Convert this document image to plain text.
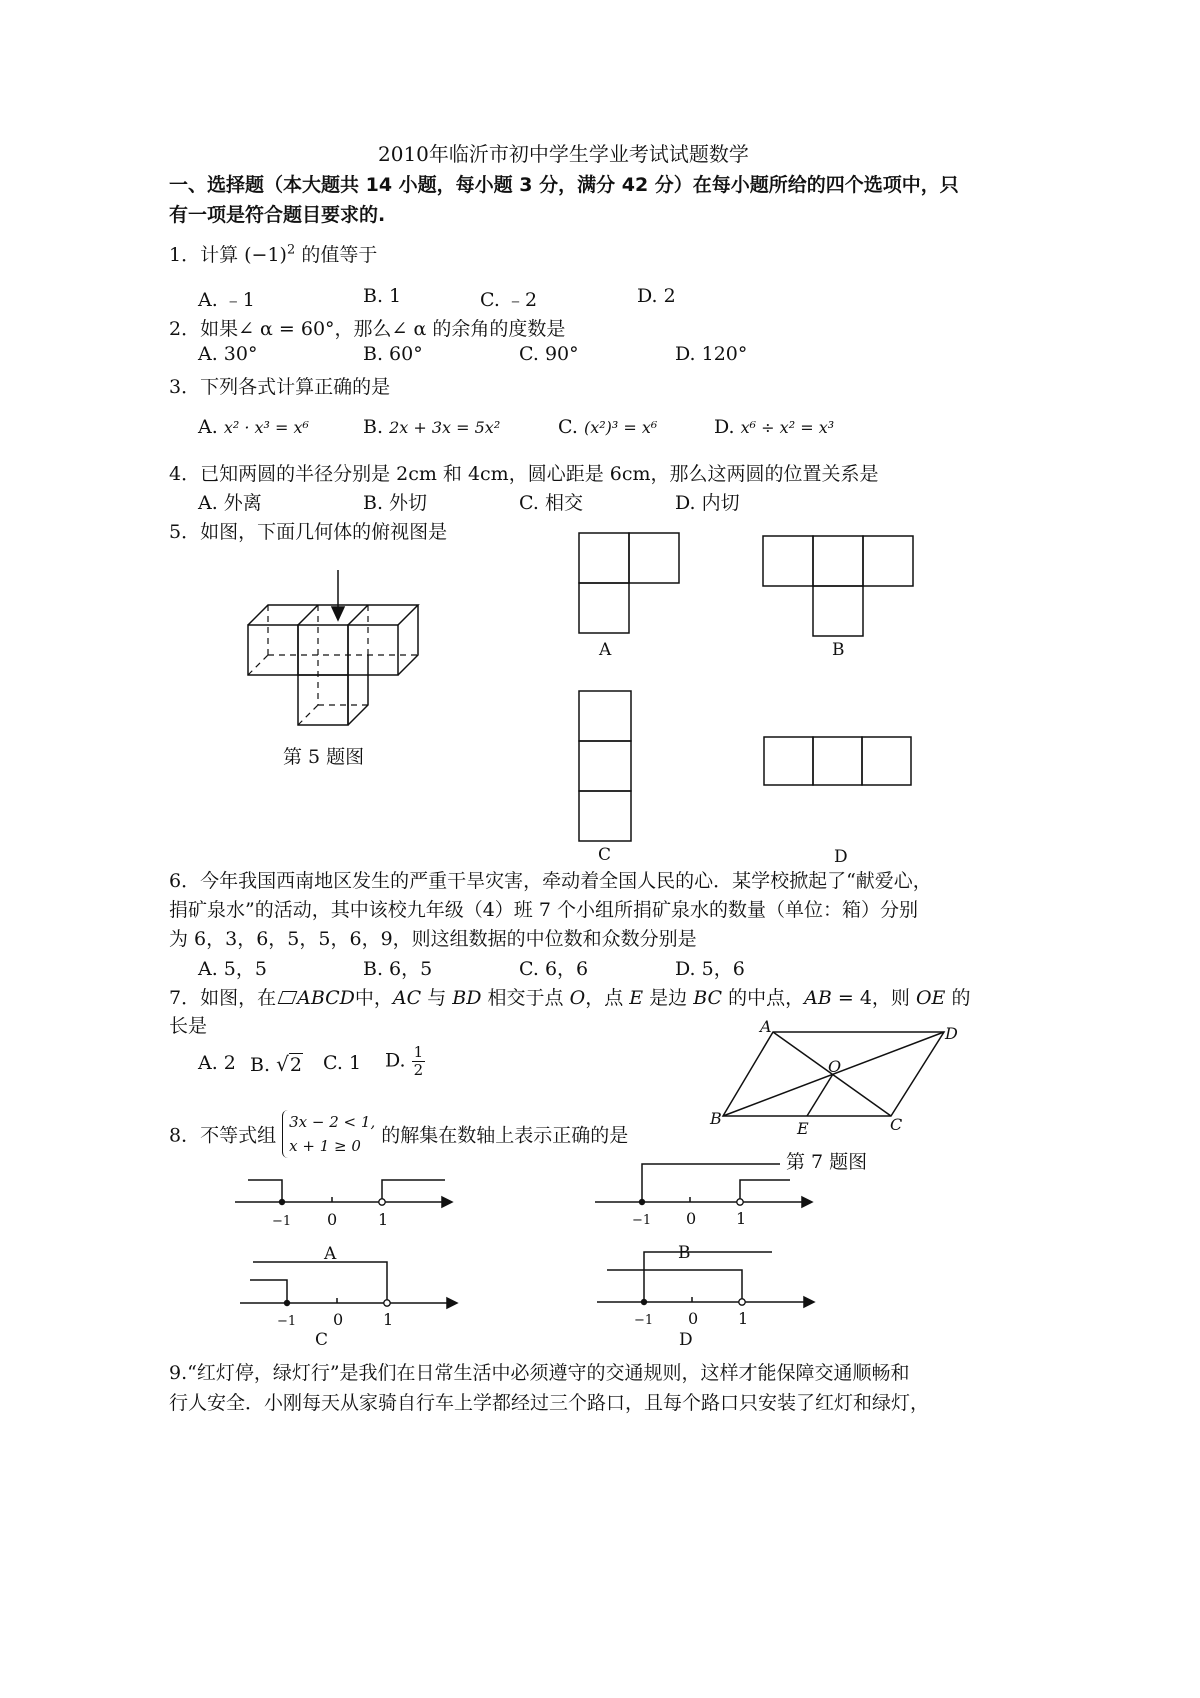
2010年临沂市初中学生学业考试试题数学
一、选择题（本大题共 14 小题，每小题 3 分，满分 42 分）在每小题所给的四个选项中，只
有一项是符合题目要求的.
1．计算 $(-1)^2$ 的值等于
A. ﹣1	B. 1	C. ﹣2	D. 2
2．如果∠ α = 60°，那么∠ α 的余角的度数是
A. 30°	B. 60°	C. 90°	D. 120°
3．下列各式计算正确的是
A. x² · x³ = x⁶	B. 2x + 3x = 5x²	C. (x²)³ = x⁶	D. x⁶ ÷ x² = x³
4．已知两圆的半径分别是 2cm 和 4cm，圆心距是 6cm，那么这两圆的位置关系是
A. 外离	B. 外切	C. 相交	D. 内切
5．如图，下面几何体的俯视图是
第 5 题图
A	B
C	D
6．今年我国西南地区发生的严重干旱灾害，牵动着全国人民的心．某学校掀起了“献爱心，
捐矿泉水”的活动，其中该校九年级（4）班 7 个小组所捐矿泉水的数量（单位：箱）分别
为 6，3，6，5，5，6，9，则这组数据的中位数和众数分别是
A. 5，5	B. 6，5	C. 6，6	D. 5，6
7．如图，在 ABCD中，AC 与 BD 相交于点 O，点 E 是边 BC 的中点，AB = 4，则 OE 的
长是
A. 2 B. √2 C. 1 D. $\frac{1}{2}$
A	D
O
B
E	C
第 7 题图
8．不等式组
3x − 2 < 1,
x + 1 ≥ 0	的解集在数轴上表示正确的是
−1 0	1
A
−1 0 1
B
−1 0 1
C
−1 0 1
D
9.“红灯停，绿灯行”是我们在日常生活中必须遵守的交通规则，这样才能保障交通顺畅和
行人安全．小刚每天从家骑自行车上学都经过三个路口，且每个路口只安装了红灯和绿灯，
